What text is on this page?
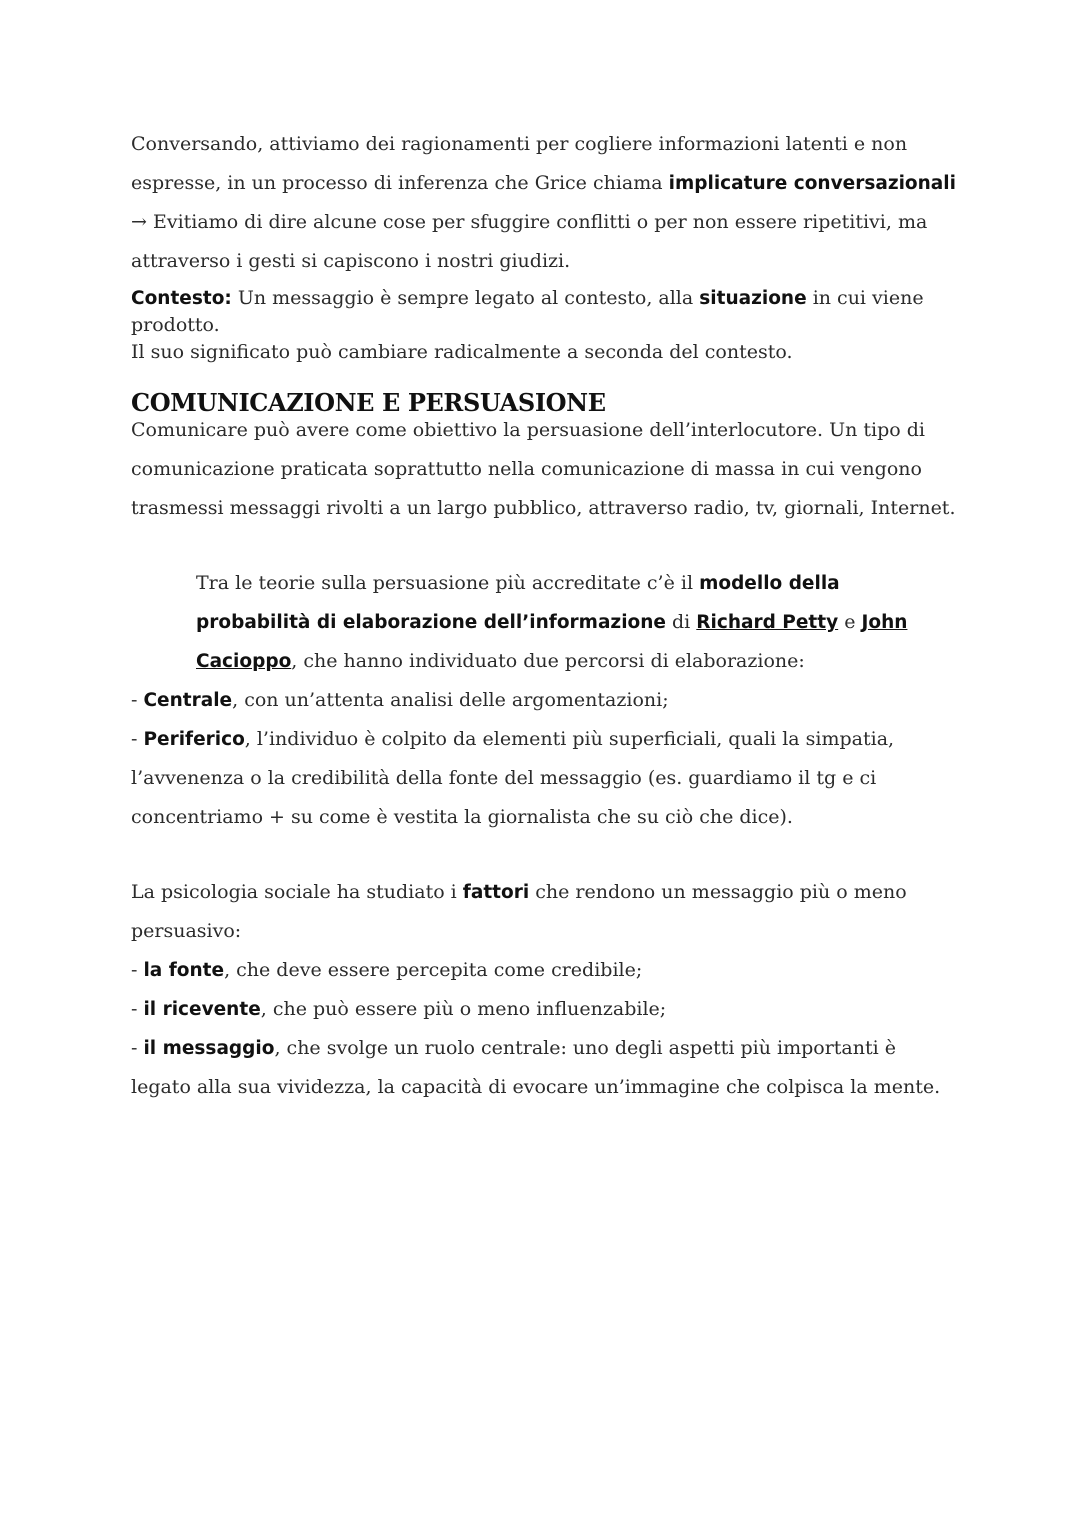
Conversando, attiviamo dei ragionamenti per cogliere informazioni latenti e non espresse, in un processo di inferenza che Grice chiama implicature conversazionali → Evitiamo di dire alcune cose per sfuggire conflitti o per non essere ripetitivi, ma attraverso i gesti si capiscono i nostri giudizi.

Contesto: Un messaggio è sempre legato al contesto, alla situazione in cui viene prodotto.
Il suo significato può cambiare radicalmente a seconda del contesto.

COMUNICAZIONE E PERSUASIONE

Comunicare può avere come obiettivo la persuasione dell’interlocutore. Un tipo di comunicazione praticata soprattutto nella comunicazione di massa in cui vengono trasmessi messaggi rivolti a un largo pubblico, attraverso radio, tv, giornali, Internet.

Tra le teorie sulla persuasione più accreditate c’è il modello della probabilità di elaborazione dell’informazione di Richard Petty e John Cacioppo, che hanno individuato due percorsi di elaborazione:

- Centrale, con un’attenta analisi delle argomentazioni;
- Periferico, l’individuo è colpito da elementi più superficiali, quali la simpatia, l’avvenenza o la credibilità della fonte del messaggio (es. guardiamo il tg e ci concentriamo + su come è vestita la giornalista che su ciò che dice).

La psicologia sociale ha studiato i fattori che rendono un messaggio più o meno persuasivo:
- la fonte, che deve essere percepita come credibile;
- il ricevente, che può essere più o meno influenzabile;
- il messaggio, che svolge un ruolo centrale: uno degli aspetti più importanti è legato alla sua vividezza, la capacità di evocare un’immagine che colpisca la mente.
